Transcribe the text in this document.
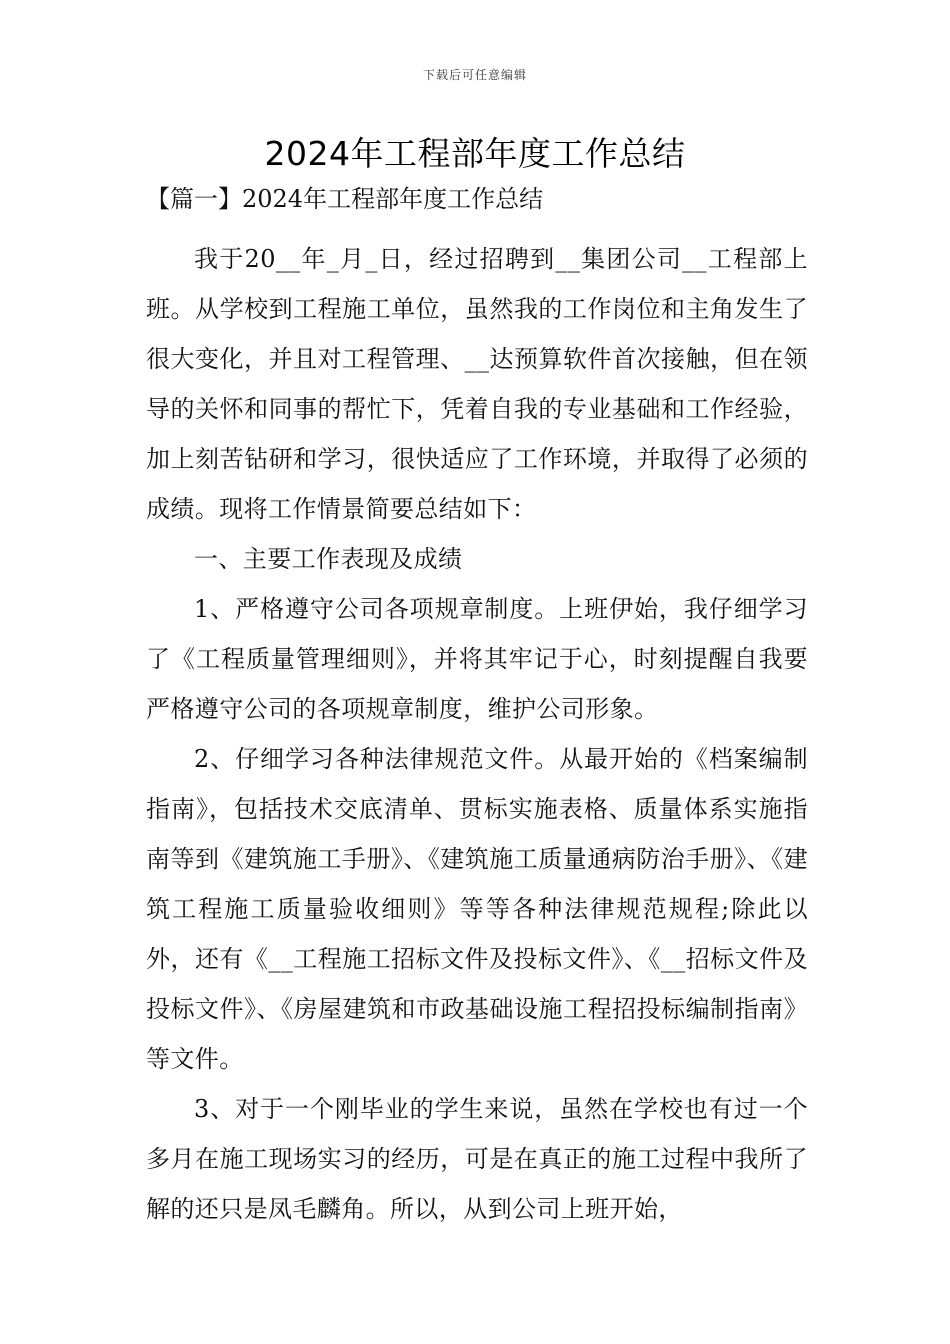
下载后可任意编辑
2024年工程部年度工作总结
【篇一】2024年工程部年度工作总结

我于20__年_月_日，经过招聘到__集团公司__工程部上班。从学校到工程施工单位，虽然我的工作岗位和主角发生了很大变化，并且对工程管理、__达预算软件首次接触，但在领导的关怀和同事的帮忙下，凭着自我的专业基础和工作经验，加上刻苦钻研和学习，很快适应了工作环境，并取得了必须的成绩。现将工作情景简要总结如下：

一、主要工作表现及成绩

1、严格遵守公司各项规章制度。上班伊始，我仔细学习了《工程质量管理细则》，并将其牢记于心，时刻提醒自我要严格遵守公司的各项规章制度，维护公司形象。

2、仔细学习各种法律规范文件。从最开始的《档案编制指南》，包括技术交底清单、贯标实施表格、质量体系实施指南等到《建筑施工手册》、《建筑施工质量通病防治手册》、《建筑工程施工质量验收细则》等等各种法律规范规程;除此以外，还有《__工程施工招标文件及投标文件》、《__招标文件及投标文件》、《房屋建筑和市政基础设施工程招投标编制指南》等文件。

3、对于一个刚毕业的学生来说，虽然在学校也有过一个多月在施工现场实习的经历，可是在真正的施工过程中我所了解的还只是凤毛麟角。所以，从到公司上班开始，
